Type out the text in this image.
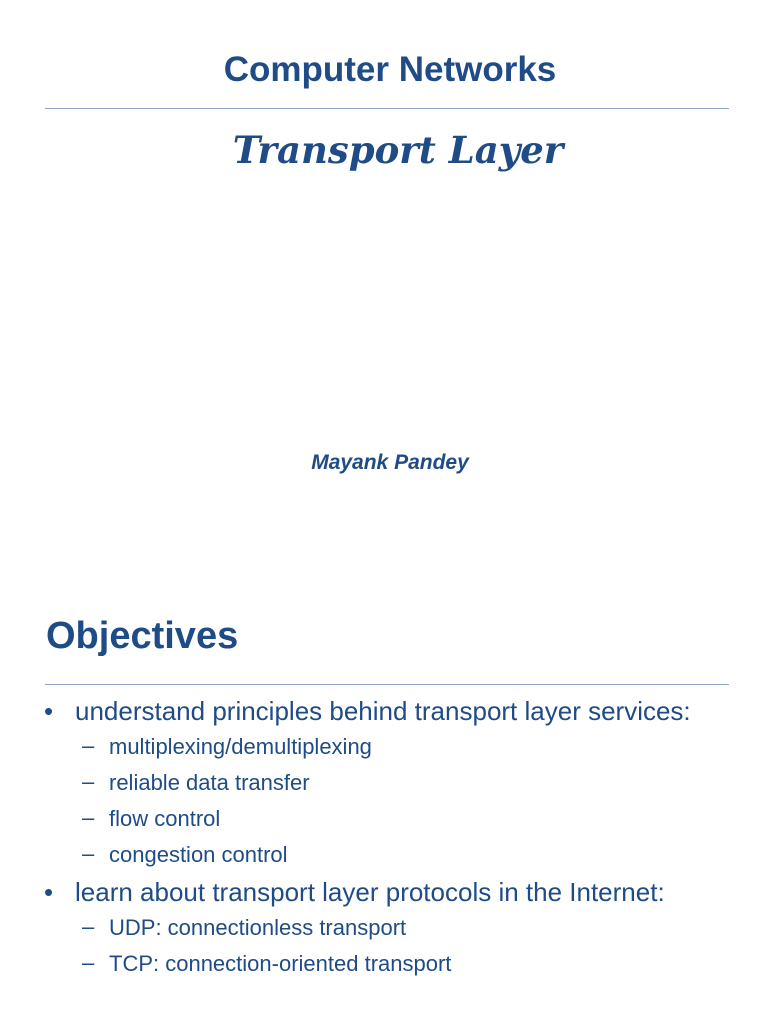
Computer Networks
Transport Layer

Mayank Pandey

Objectives
• understand principles behind transport layer services:
– multiplexing/demultiplexing
– reliable data transfer
– flow control
– congestion control
• learn about transport layer protocols in the Internet:
– UDP: connectionless transport
– TCP: connection-oriented transport
